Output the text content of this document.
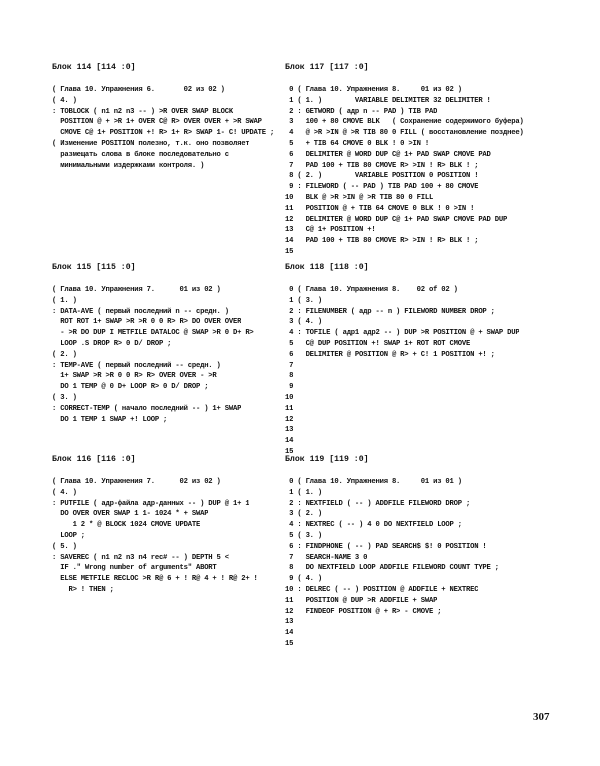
Блок 114 [114 :0]
( Глава 10. Упражнения 6.       02 из 02 )
( 4. )
: TOBLOCK ( n1 n2 n3 -- ) >R OVER SWAP BLOCK
POSITION @ + >R 1+ OVER C@ R> OVER OVER + >R SWAP
CMOVE C@ 1+ POSITION +! R> 1+ R> SWAP 1- C! UPDATE ;
( Изменение POSITION полезно, т.к. оно позволяет
размещать слова в блоке последовательно с
минимальными издержками контроля. )
Блок 115 [115 :0]
( Глава 10. Упражнения 7.      01 из 02 )
( 1. )
: DATA-AVE ( первый последний n -- средн. )
ROT ROT 1+ SWAP >R >R 0 0 R> R> DO OVER OVER
- >R DO DUP I METFILE DATALOC @ SWAP >R 0 D+ R>
LOOP .S DROP R> 0 D/ DROP ;
( 2. )
: TEMP-AVE ( первый последний -- средн. )
1+ SWAP >R >R 0 0 R> R> OVER OVER - >R
DO 1 TEMP @ 0 D+ LOOP R> 0 D/ DROP ;
( 3. )
: CORRECT-TEMP ( начало последний -- ) 1+ SWAP
DO 1 TEMP 1 SWAP +! LOOP ;
Блок 116 [116 :0]
( Глава 10. Упражнения 7.      02 из 02 )
( 4. )
: PUTFILE ( адр-файла адр-данных -- ) DUP @ 1+ 1
DO OVER OVER SWAP 1 1- 1024 * + SWAP
1 2 * @ BLOCK 1024 CMOVE UPDATE
LOOP ;
( 5. )
: SAVEREC ( n1 n2 n3 n4 rec# -- ) DEPTH 5 <
IF ." Wrong number of arguments" ABORT
ELSE METFILE RECLOC >R R@ 6 + ! R@ 4 + ! R@ 2+ !
R> ! THEN ;
Блок 117 [117 :0]
0 ( Глава 10. Упражнения 8.     01 из 02 )
1 ( 1. )        VARIABLE DELIMITER 32 DELIMITER !
2 : GETWORD ( адр n -- PAD ) TIB PAD
3   100 + 80 CMOVE BLK   ( Сохранение содержимого буфера)
4   @ >R >IN @ >R TIB 80 0 FILL ( восстановление позднее)
5   + TIB 64 CMOVE 0 BLK ! 0 >IN !
6   DELIMITER @ WORD DUP C@ 1+ PAD SWAP CMOVE PAD
7   PAD 100 + TIB 80 CMOVE R> >IN ! R> BLK ! ;
8 ( 2. )        VARIABLE POSITION 0 POSITION !
9 : FILEWORD ( -- PAD ) TIB PAD 100 + 80 CMOVE
10   BLK @ >R >IN @ >R TIB 80 0 FILL
11   POSITION @ + TIB 64 CMOVE 0 BLK ! 0 >IN !
12   DELIMITER @ WORD DUP C@ 1+ PAD SWAP CMOVE PAD DUP
13   C@ 1+ POSITION +!
14   PAD 100 + TIB 80 CMOVE R> >IN ! R> BLK ! ;
15
Блок 118 [118 :0]
0 ( Глава 10. Упражнения 8.    02 of 02 )
1 ( 3. )
2 : FILENUMBER ( адр -- n ) FILEWORD NUMBER DROP ;
3 ( 4. )
4 : TOFILE ( адр1 адр2 -- ) DUP >R POSITION @ + SWAP DUP
5   C@ DUP POSITION +! SWAP 1+ ROT ROT CMOVE
6   DELIMITER @ POSITION @ R> + C! 1 POSITION +! ;
7
8
9
10
11
12
13
14
15
Блок 119 [119 :0]
0 ( Глава 10. Упражнения 8.     01 из 01 )
1 ( 1. )
2 : NEXTFIELD ( -- ) ADDFILE FILEWORD DROP ;
3 ( 2. )
4 : NEXTREC ( -- ) 4 0 DO NEXTFIELD LOOP ;
5 ( 3. )
6 : FINDPHONE ( -- ) PAD SEARCH$ $! 0 POSITION !
7   SEARCH-NAME 3 0
8   DO NEXTFIELD LOOP ADDFILE FILEWORD COUNT TYPE ;
9 ( 4. )
10 : DELREC ( -- ) POSITION @ ADDFILE + NEXTREC
11   POSITION @ DUP >R ADDFILE + SWAP
12   FINDEOF POSITION @ + R> - CMOVE ;
13
14
15
307
